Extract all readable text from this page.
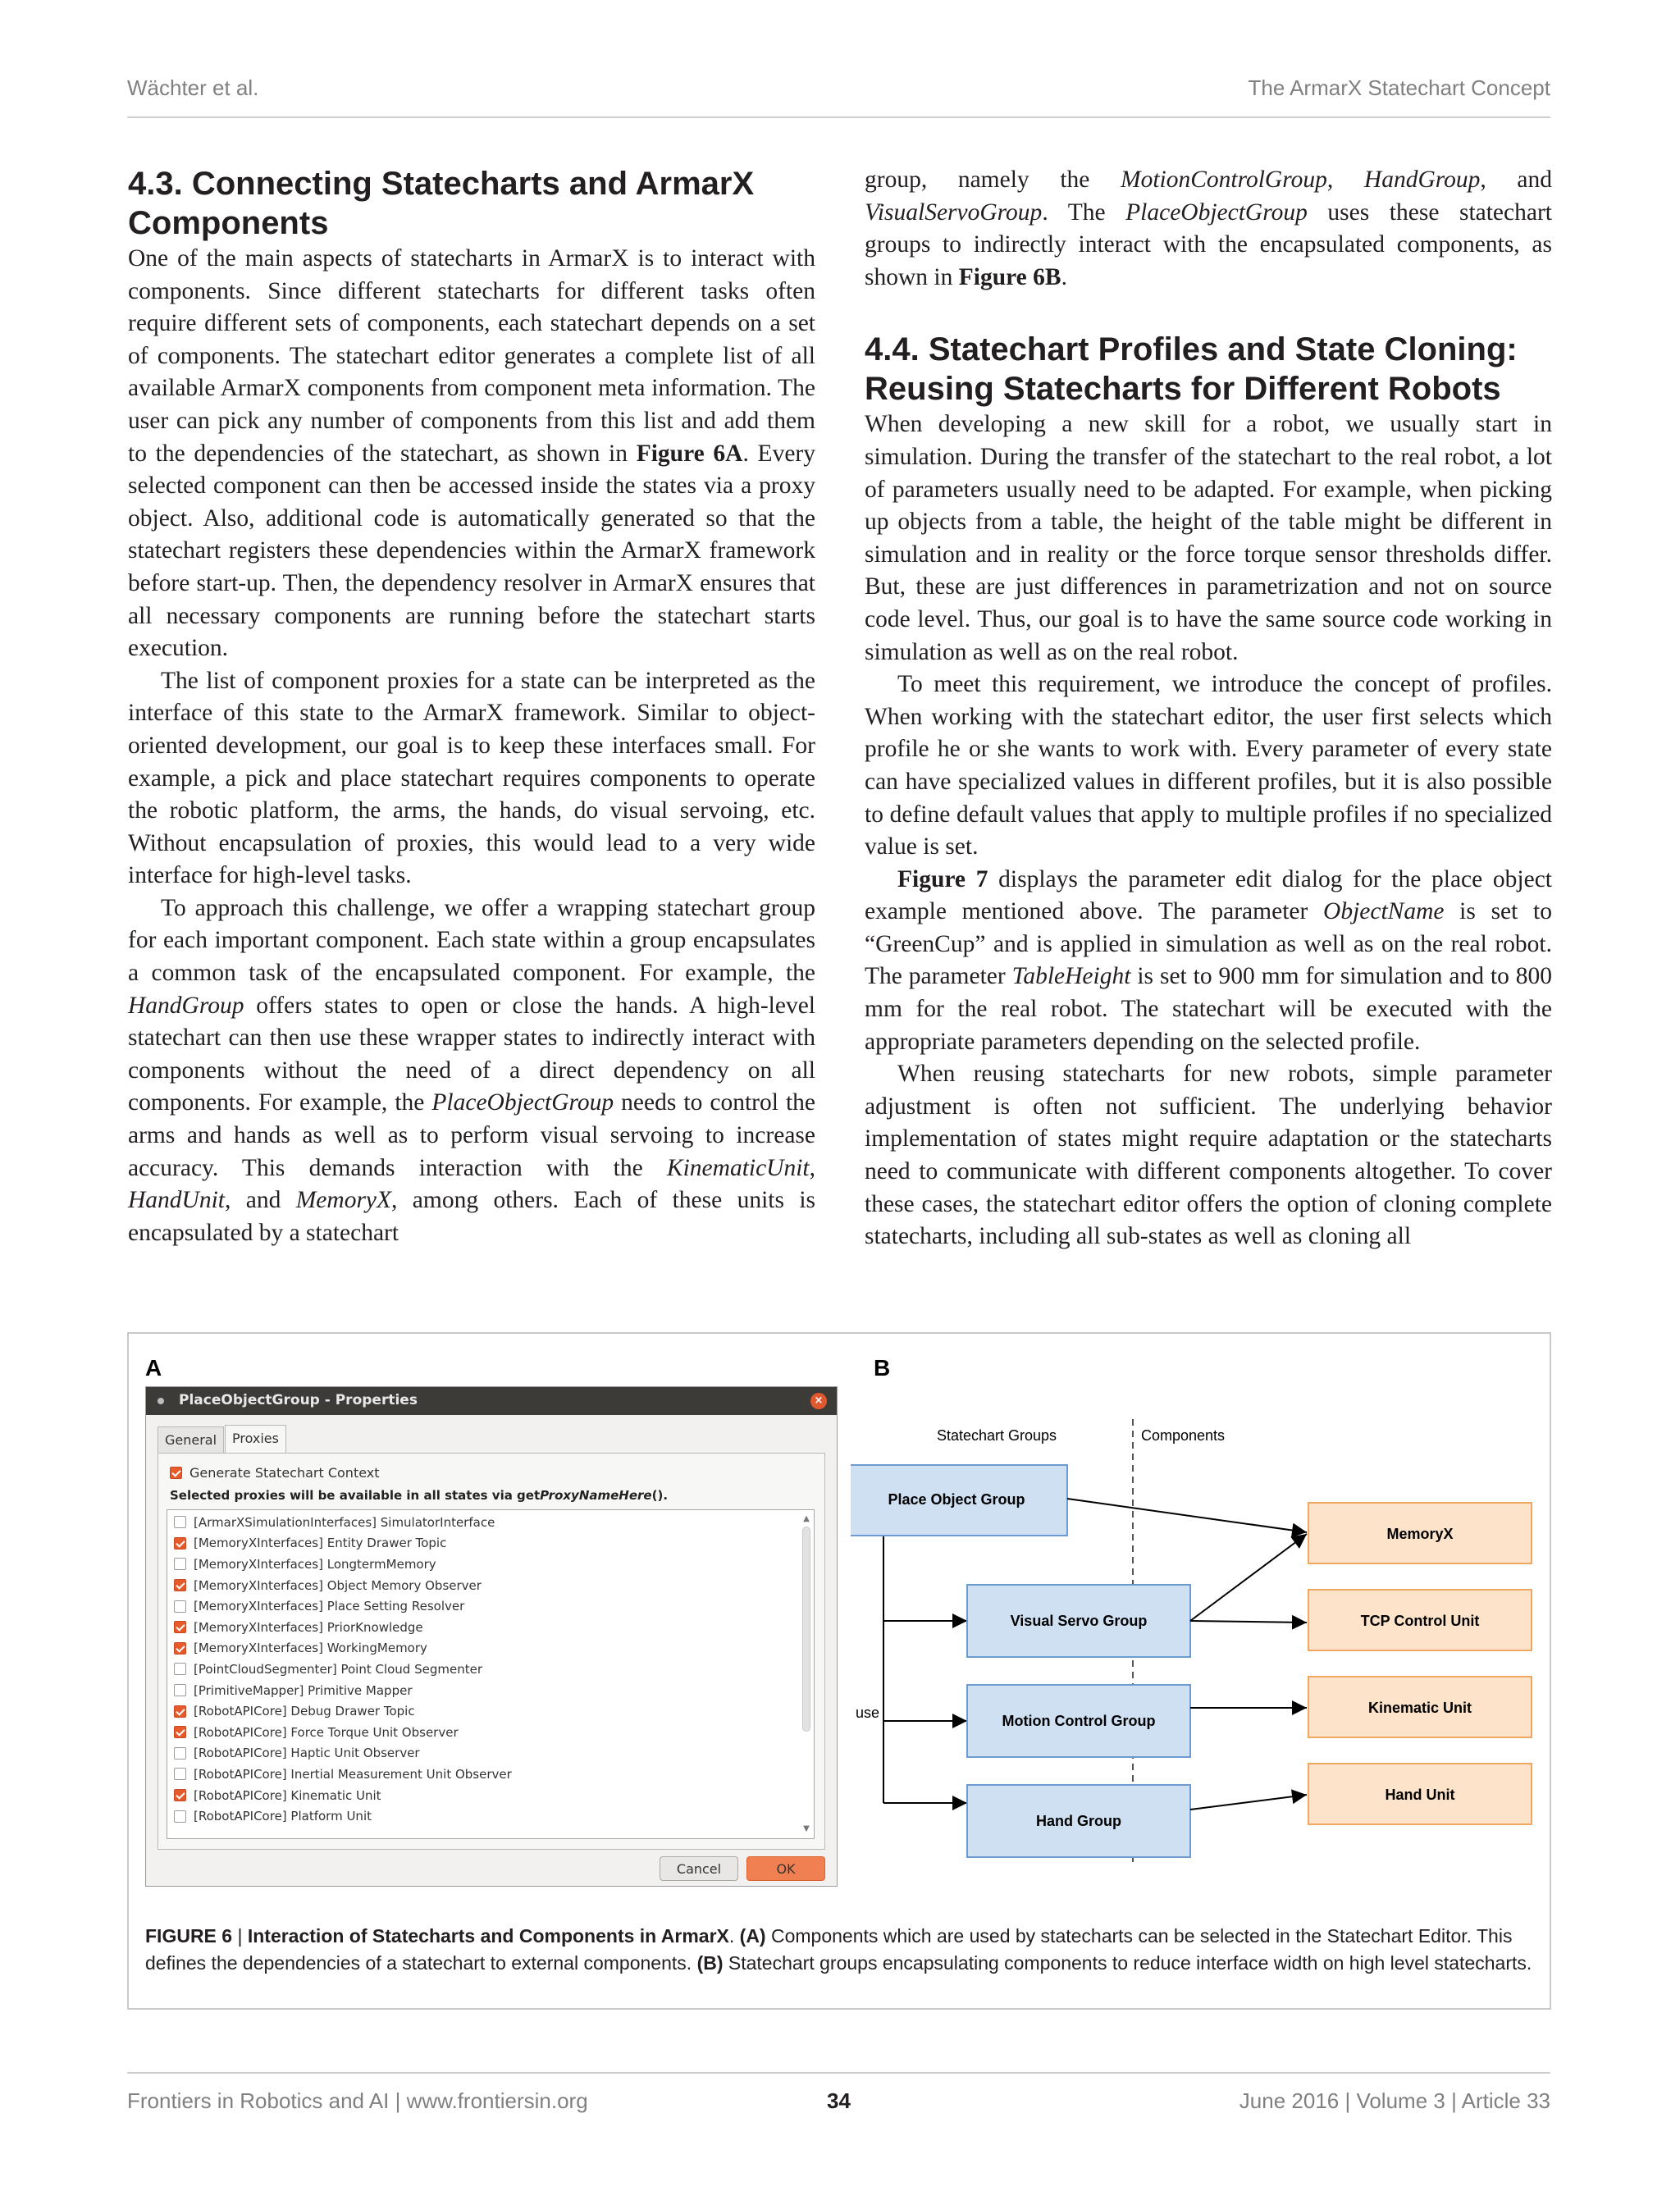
Wächter et al.	The ArmarX Statechart Concept
4.3. Connecting Statecharts and ArmarX Components

One of the main aspects of statecharts in ArmarX is to interact with components. Since different statecharts for different tasks often require different sets of components, each statechart depends on a set of components. The statechart editor generates a complete list of all available ArmarX components from component meta information. The user can pick any number of components from this list and add them to the dependencies of the statechart, as shown in Figure 6A. Every selected component can then be accessed inside the states via a proxy object. Also, additional code is automatically generated so that the statechart registers these dependencies within the ArmarX framework before start-up. Then, the dependency resolver in ArmarX ensures that all necessary components are running before the statechart starts execution.

The list of component proxies for a state can be interpreted as the interface of this state to the ArmarX framework. Similar to object-oriented development, our goal is to keep these interfaces small. For example, a pick and place statechart requires components to operate the robotic platform, the arms, the hands, do visual servoing, etc. Without encapsulation of proxies, this would lead to a very wide interface for high-level tasks.

To approach this challenge, we offer a wrapping statechart group for each important component. Each state within a group encapsulates a common task of the encapsulated component. For example, the HandGroup offers states to open or close the hands. A high-level statechart can then use these wrapper states to indirectly interact with components without the need of a direct dependency on all components. For example, the PlaceObjectGroup needs to control the arms and hands as well as to perform visual servoing to increase accuracy. This demands interaction with the KinematicUnit, HandUnit, and MemoryX, among others. Each of these units is encapsulated by a statechart

group, namely the MotionControlGroup, HandGroup, and VisualServoGroup. The PlaceObjectGroup uses these statechart groups to indirectly interact with the encapsulated components, as shown in Figure 6B.

4.4. Statechart Profiles and State Cloning: Reusing Statecharts for Different Robots

When developing a new skill for a robot, we usually start in simulation. During the transfer of the statechart to the real robot, a lot of parameters usually need to be adapted. For example, when picking up objects from a table, the height of the table might be different in simulation and in reality or the force torque sensor thresholds differ. But, these are just differences in parametrization and not on source code level. Thus, our goal is to have the same source code working in simulation as well as on the real robot.

To meet this requirement, we introduce the concept of profiles. When working with the statechart editor, the user first selects which profile he or she wants to work with. Every parameter of every state can have specialized values in different profiles, but it is also possible to define default values that apply to multiple profiles if no specialized value is set.

Figure 7 displays the parameter edit dialog for the place object example mentioned above. The parameter ObjectName is set to “GreenCup” and is applied in simulation as well as on the real robot. The parameter TableHeight is set to 900 mm for simulation and to 800 mm for the real robot. The statechart will be executed with the appropriate parameters depending on the selected profile.

When reusing statecharts for new robots, simple parameter adjustment is often not sufficient. The underlying behavior implementation of states might require adaptation or the statecharts need to communicate with different components altogether. To cover these cases, the statechart editor offers the option of cloning complete statecharts, including all sub-states as well as cloning all

A	B
PlaceObjectGroup - Properties	×
General	Proxies
Generate Statechart Context
Selected proxies will be available in all states via getProxyNameHere().
[ArmarXSimulationInterfaces] SimulatorInterface
[MemoryXInterfaces] Entity Drawer Topic
[MemoryXInterfaces] LongtermMemory
[MemoryXInterfaces] Object Memory Observer
[MemoryXInterfaces] Place Setting Resolver
[MemoryXInterfaces] PriorKnowledge
[MemoryXInterfaces] WorkingMemory
[PointCloudSegmenter] Point Cloud Segmenter
[PrimitiveMapper] Primitive Mapper
[RobotAPICore] Debug Drawer Topic
[RobotAPICore] Force Torque Unit Observer
[RobotAPICore] Haptic Unit Observer
[RobotAPICore] Inertial Measurement Unit Observer
[RobotAPICore] Kinematic Unit
[RobotAPICore] Platform Unit
▲
▼
Cancel	OK
Statechart Groups	Components
use
Place Object Group
Visual Servo Group
Motion Control Group
Hand Group
MemoryX
TCP Control Unit
Kinematic Unit
Hand Unit
FIGURE 6 | Interaction of Statecharts and Components in ArmarX. (A) Components which are used by statecharts can be selected in the Statechart Editor. This defines the dependencies of a statechart to external components. (B) Statechart groups encapsulating components to reduce interface width on high level statecharts.
Frontiers in Robotics and AI | www.frontiersin.org	34	June 2016 | Volume 3 | Article 33
